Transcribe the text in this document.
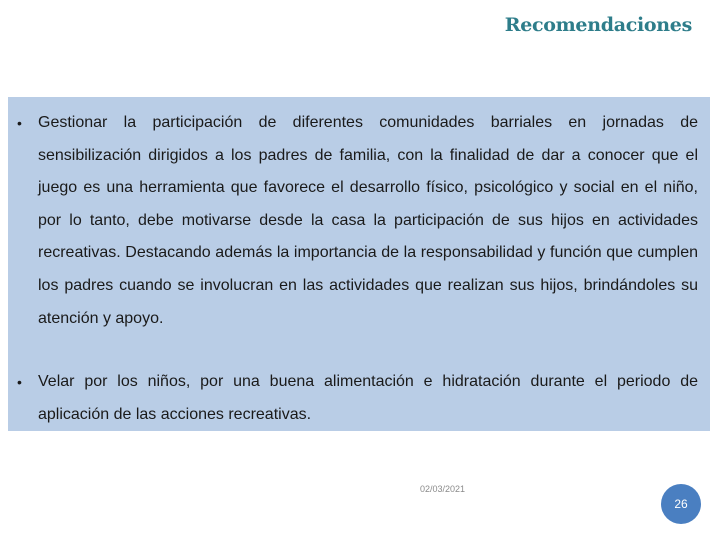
Recomendaciones
• Gestionar la participación de diferentes comunidades barriales en jornadas de sensibilización dirigidos a los padres de familia, con la finalidad de dar a conocer que el juego es una herramienta que favorece el desarrollo físico, psicológico y social en el niño, por lo tanto, debe motivarse desde la casa la participación de sus hijos en actividades recreativas. Destacando además la importancia de la responsabilidad y función que cumplen los padres cuando se involucran en las actividades que realizan sus hijos, brindándoles su atención y apoyo.
• Velar por los niños, por una buena alimentación e hidratación durante el periodo de aplicación de las acciones recreativas.
02/03/2021
26
